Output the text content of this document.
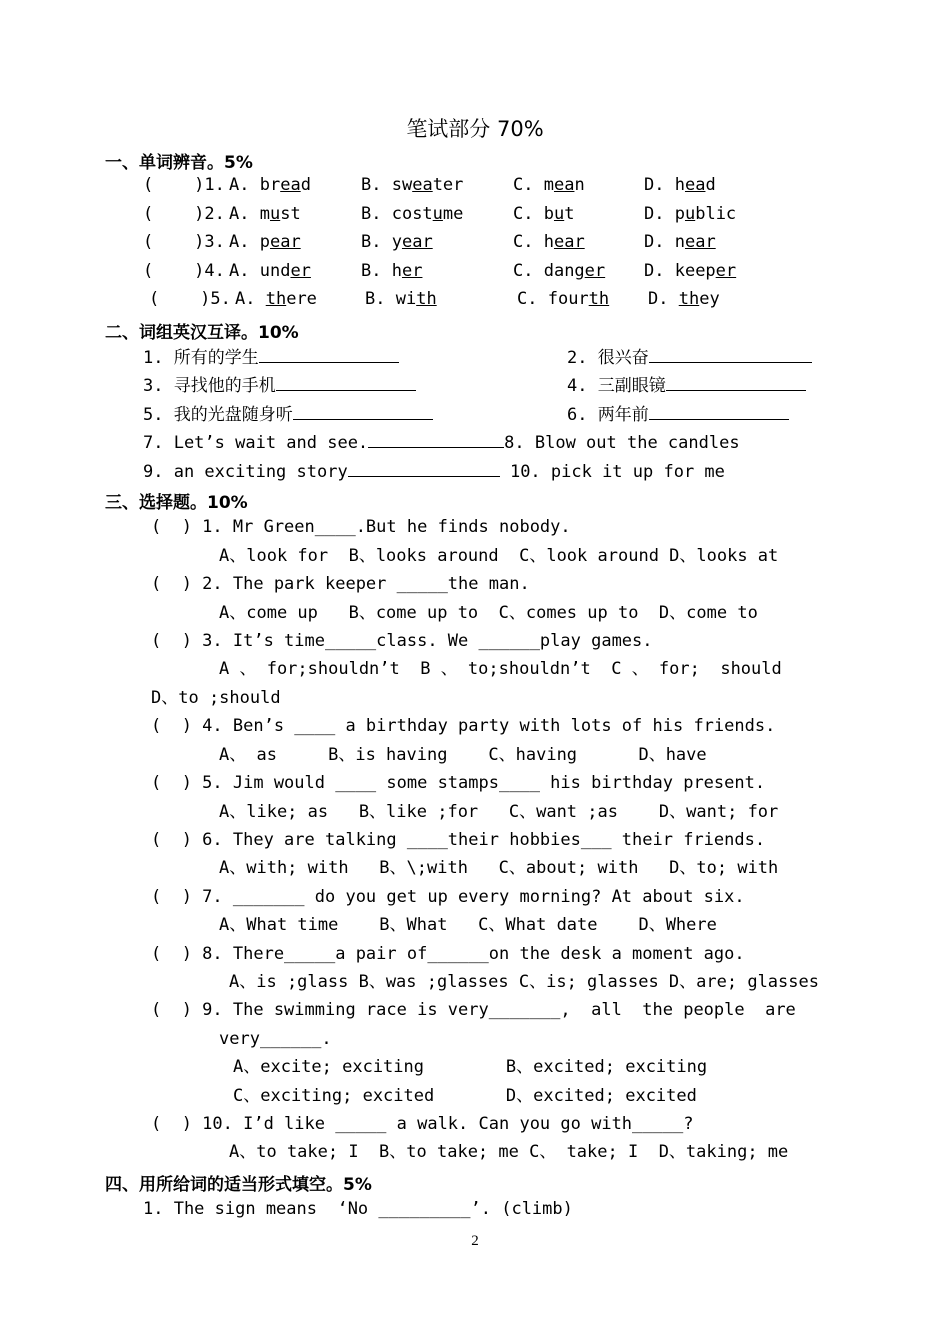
笔试部分 70%
一、单词辨音。5%
(    )1. A. bread	B. sweater	C. mean	D. head
(    )2. A. must	B. costume	C. but	D. public
(    )3. A. pear	B. year	C. hear	D. near
(    )4. A. under	B. her	C. danger D. keeper
(    )5. A. there	B. with	C. fourth D. they
二、词组英汉互译。10%
1. 所有的学生	2. 很兴奋
3. 寻找他的手机	4. 三副眼镜
5. 我的光盘随身听	6. 两年前
7. Let’s wait and see.	8. Blow out the candles
9. an exciting story	10. pick it up for me
三、选择题。10%
(  ) 1. Mr Green____.But he finds nobody.
A、look for  B、looks around  C、look around D、looks at
(  ) 2. The park keeper _____the man.
A、come up   B、come up to  C、comes up to  D、come to
(  ) 3. It’s time_____class. We ______play games.
A 、 for;shouldn’t  B 、 to;shouldn’t  C 、 for;  should
D、to ;should
(  ) 4. Ben’s ____ a birthday party with lots of his friends.
A、 as     B、is having    C、having      D、have
(  ) 5. Jim would ____ some stamps____ his birthday present.
A、like; as   B、like ;for   C、want ;as    D、want; for
(  ) 6. They are talking ____their hobbies___ their friends.
A、with; with   B、\;with   C、about; with   D、to; with
(  ) 7. _______ do you get up every morning? At about six.
A、What time    B、What   C、What date    D、Where
(  ) 8. There_____a pair of______on the desk a moment ago.
A、is ;glass B、was ;glasses C、is; glasses D、are; glasses
(  ) 9. The swimming race is very_______,  all  the people  are
very______.
A、excite; exciting        B、excited; exciting
C、exciting; excited       D、excited; excited
(  ) 10. I’d like _____ a walk. Can you go with_____?
A、to take; I  B、to take; me C、 take; I  D、taking; me
四、用所给词的适当形式填空。5%
1. The sign means  ‘No _________’. (climb)
2
